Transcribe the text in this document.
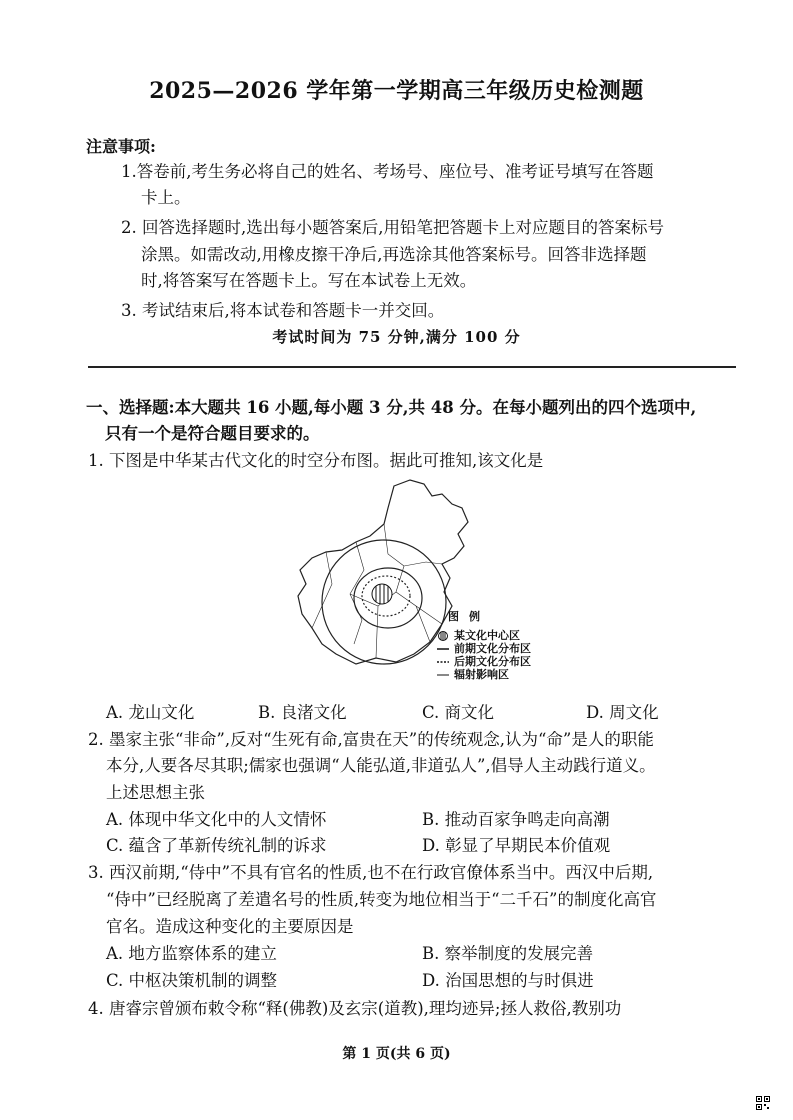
2025—2026 学年第一学期高三年级历史检测题
注意事项:
1.答卷前,考生务必将自己的姓名、考场号、座位号、准考证号填写在答题
卡上。
2. 回答选择题时,选出每小题答案后,用铅笔把答题卡上对应题目的答案标号
涂黑。如需改动,用橡皮擦干净后,再选涂其他答案标号。回答非选择题
时,将答案写在答题卡上。写在本试卷上无效。
3. 考试结束后,将本试卷和答题卡一并交回。
考试时间为 75 分钟,满分 100 分
一、选择题:本大题共 16 小题,每小题 3 分,共 48 分。在每小题列出的四个选项中,
只有一个是符合题目要求的。
1. 下图是中华某古代文化的时空分布图。据此可推知,该文化是
图例
某文化中心区
前期文化分布区
后期文化分布区
辐射影响区
A. 龙山文化	B. 良渚文化	C. 商文化	D. 周文化
2. 墨家主张“非命”,反对“生死有命,富贵在天”的传统观念,认为“命”是人的职能
本分,人要各尽其职;儒家也强调“人能弘道,非道弘人”,倡导人主动践行道义。
上述思想主张
A. 体现中华文化中的人文情怀	B. 推动百家争鸣走向高潮
C. 蕴含了革新传统礼制的诉求	D. 彰显了早期民本价值观
3. 西汉前期,“侍中”不具有官名的性质,也不在行政官僚体系当中。西汉中后期,
“侍中”已经脱离了差遣名号的性质,转变为地位相当于“二千石”的制度化高官
官名。造成这种变化的主要原因是
A. 地方监察体系的建立	B. 察举制度的发展完善
C. 中枢决策机制的调整	D. 治国思想的与时俱进
4. 唐睿宗曾颁布敕令称“释(佛教)及玄宗(道教),理均迹异;拯人救俗,教别功
第 1 页(共 6 页)
